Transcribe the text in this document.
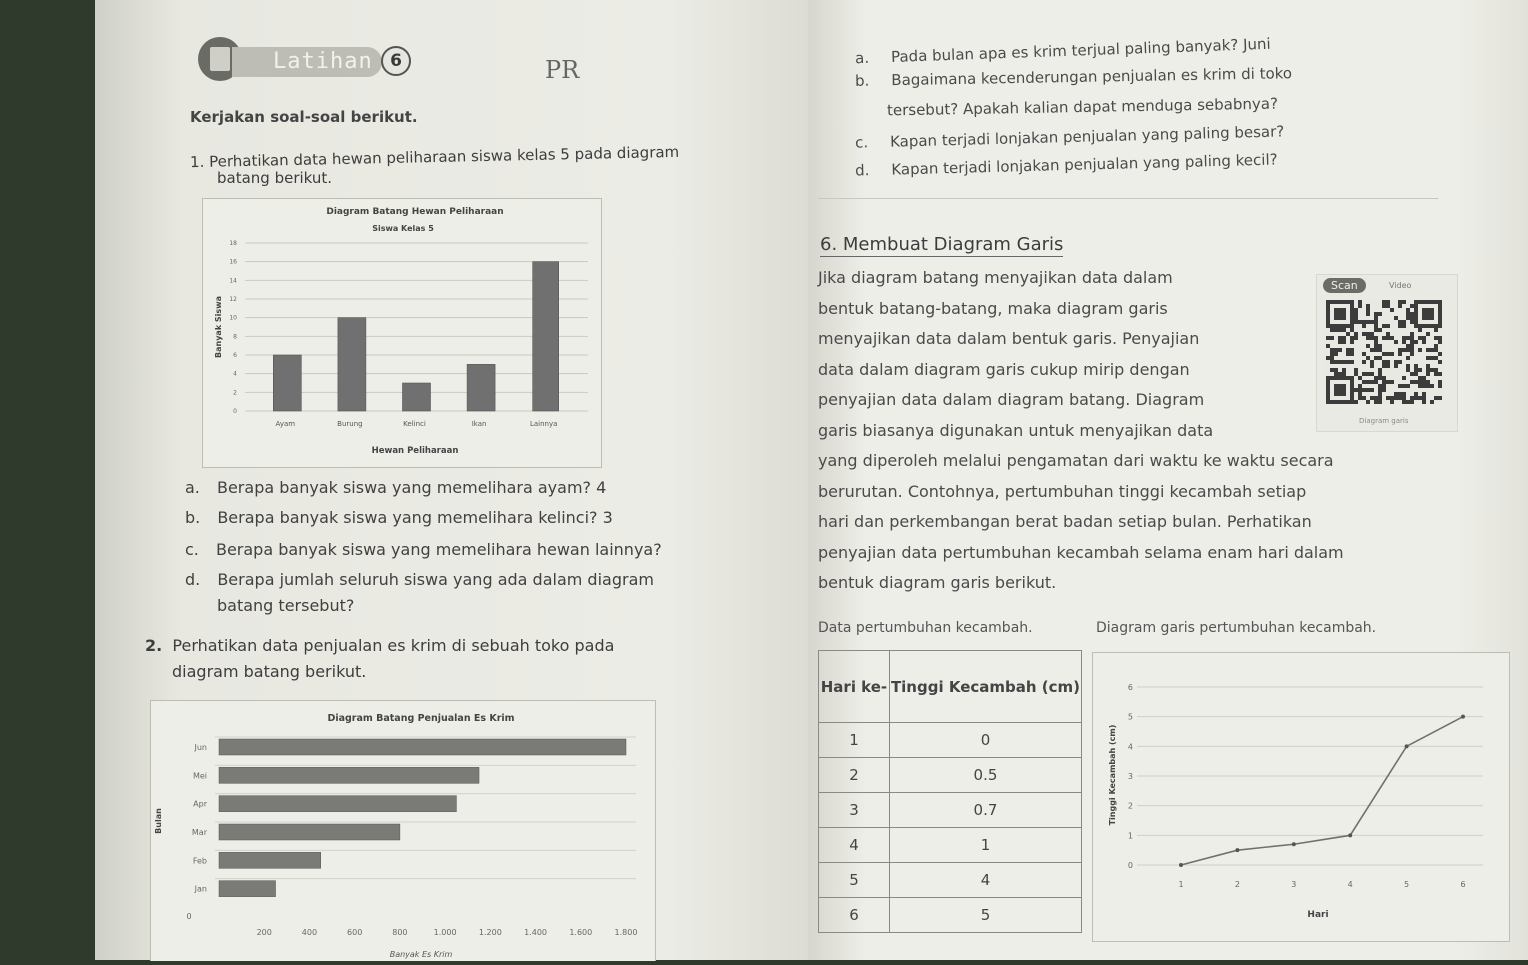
Latihan	6	PR
Kerjakan soal-soal berikut.
1. Perhatikan data hewan peliharaan siswa kelas 5 pada diagram
batang berikut.
Diagram Batang Hewan Peliharaan
Siswa Kelas 5
0
2
4
6
8
10
12
14
16
18
Banyak Siswa
Ayam	Burung	Kelinci	Ikan	Lainnya
Hewan Peliharaan
a. Berapa banyak siswa yang memelihara ayam? 4
b. Berapa banyak siswa yang memelihara kelinci? 3
c. Berapa banyak siswa yang memelihara hewan lainnya?
d. Berapa jumlah seluruh siswa yang ada dalam diagram
batang tersebut?
2. Perhatikan data penjualan es krim di sebuah toko pada
diagram batang berikut.
Diagram Batang Penjualan Es Krim
Jun
Mei
Apr
Mar
Feb
Jan
Bulan
0
200	400	600	800	1.000	1.200	1.400	1.600	1.800
Banyak Es Krim
a. Pada bulan apa es krim terjual paling banyak? Juni
b. Bagaimana kecenderungan penjualan es krim di toko
tersebut? Apakah kalian dapat menduga sebabnya?
c. Kapan terjadi lonjakan penjualan yang paling besar?
d. Kapan terjadi lonjakan penjualan yang paling kecil?
6. Membuat Diagram Garis
Jika diagram batang menyajikan data dalam
bentuk batang-batang, maka diagram garis
menyajikan data dalam bentuk garis. Penyajian
data dalam diagram garis cukup mirip dengan
penyajian data dalam diagram batang. Diagram
garis biasanya digunakan untuk menyajikan data
yang diperoleh melalui pengamatan dari waktu ke waktu secara
berurutan. Contohnya, pertumbuhan tinggi kecambah setiap
hari dan perkembangan berat badan setiap bulan. Perhatikan
penyajian data pertumbuhan kecambah selama enam hari dalam
bentuk diagram garis berikut.
Scan	Video
Diagram garis
Data pertumbuhan kecambah.	Diagram garis pertumbuhan kecambah.
Hari ke-	Tinggi Kecambah (cm)
1	0
2	0.5
3	0.7
4	1
5	4
6	5
0
1
2
3
4
5
6
Tinggi Kecambah (cm)
1	2	3	4	5	6
Hari
